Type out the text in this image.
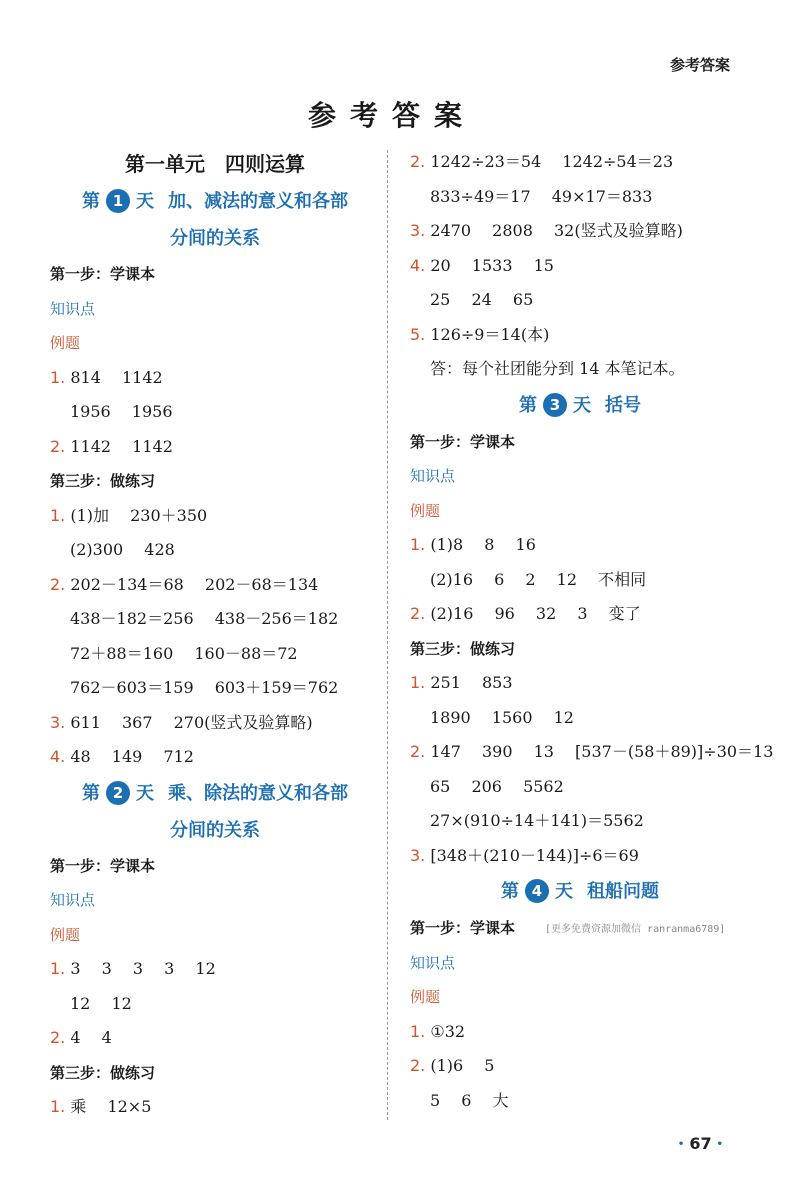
参考答案
参考答案
第一单元　四则运算
第 1 天 加、减法的意义和各部
分间的关系
第一步：学课本
知识点
例题
1. 814　 1142
1956　 1956
2. 1142　 1142
第三步：做练习
1. (1)加　 230＋350
(2)300　 428
2. 202－134＝68　 202－68＝134
438－182＝256　 438－256＝182
72＋88＝160　 160－88＝72
762－603＝159　 603＋159＝762
3. 611　 367　 270(竖式及验算略)
4. 48　 149　 712
第 2 天 乘、除法的意义和各部
分间的关系
第一步：学课本
知识点
例题
1. 3　 3　 3　 3　 12
12　 12
2. 4　 4
第三步：做练习
1. 乘　 12×5
2. 1242÷23＝54　 1242÷54＝23
833÷49＝17　 49×17＝833
3. 2470　 2808　 32(竖式及验算略)
4. 20　 1533　 15
25　 24　 65
5. 126÷9＝14(本)
答：每个社团能分到 14 本笔记本。
第 3 天 括号
第一步：学课本
知识点
例题
1. (1)8　 8　 16
(2)16　 6　 2　 12　 不相同
2. (2)16　 96　 32　 3　 变了
第三步：做练习
1. 251　 853
1890　 1560　 12
2. 147　 390　 13　 [537－(58＋89)]÷30＝13
65　 206　 5562
27×(910÷14＋141)＝5562
3. [348＋(210－144)]÷6＝69
第 4 天 租船问题
第一步：学课本	[更多免费资源加微信 ranranma6789]
知识点
例题
1. ①32
2. (1)6　 5
5　 6　 大
• 67 •
